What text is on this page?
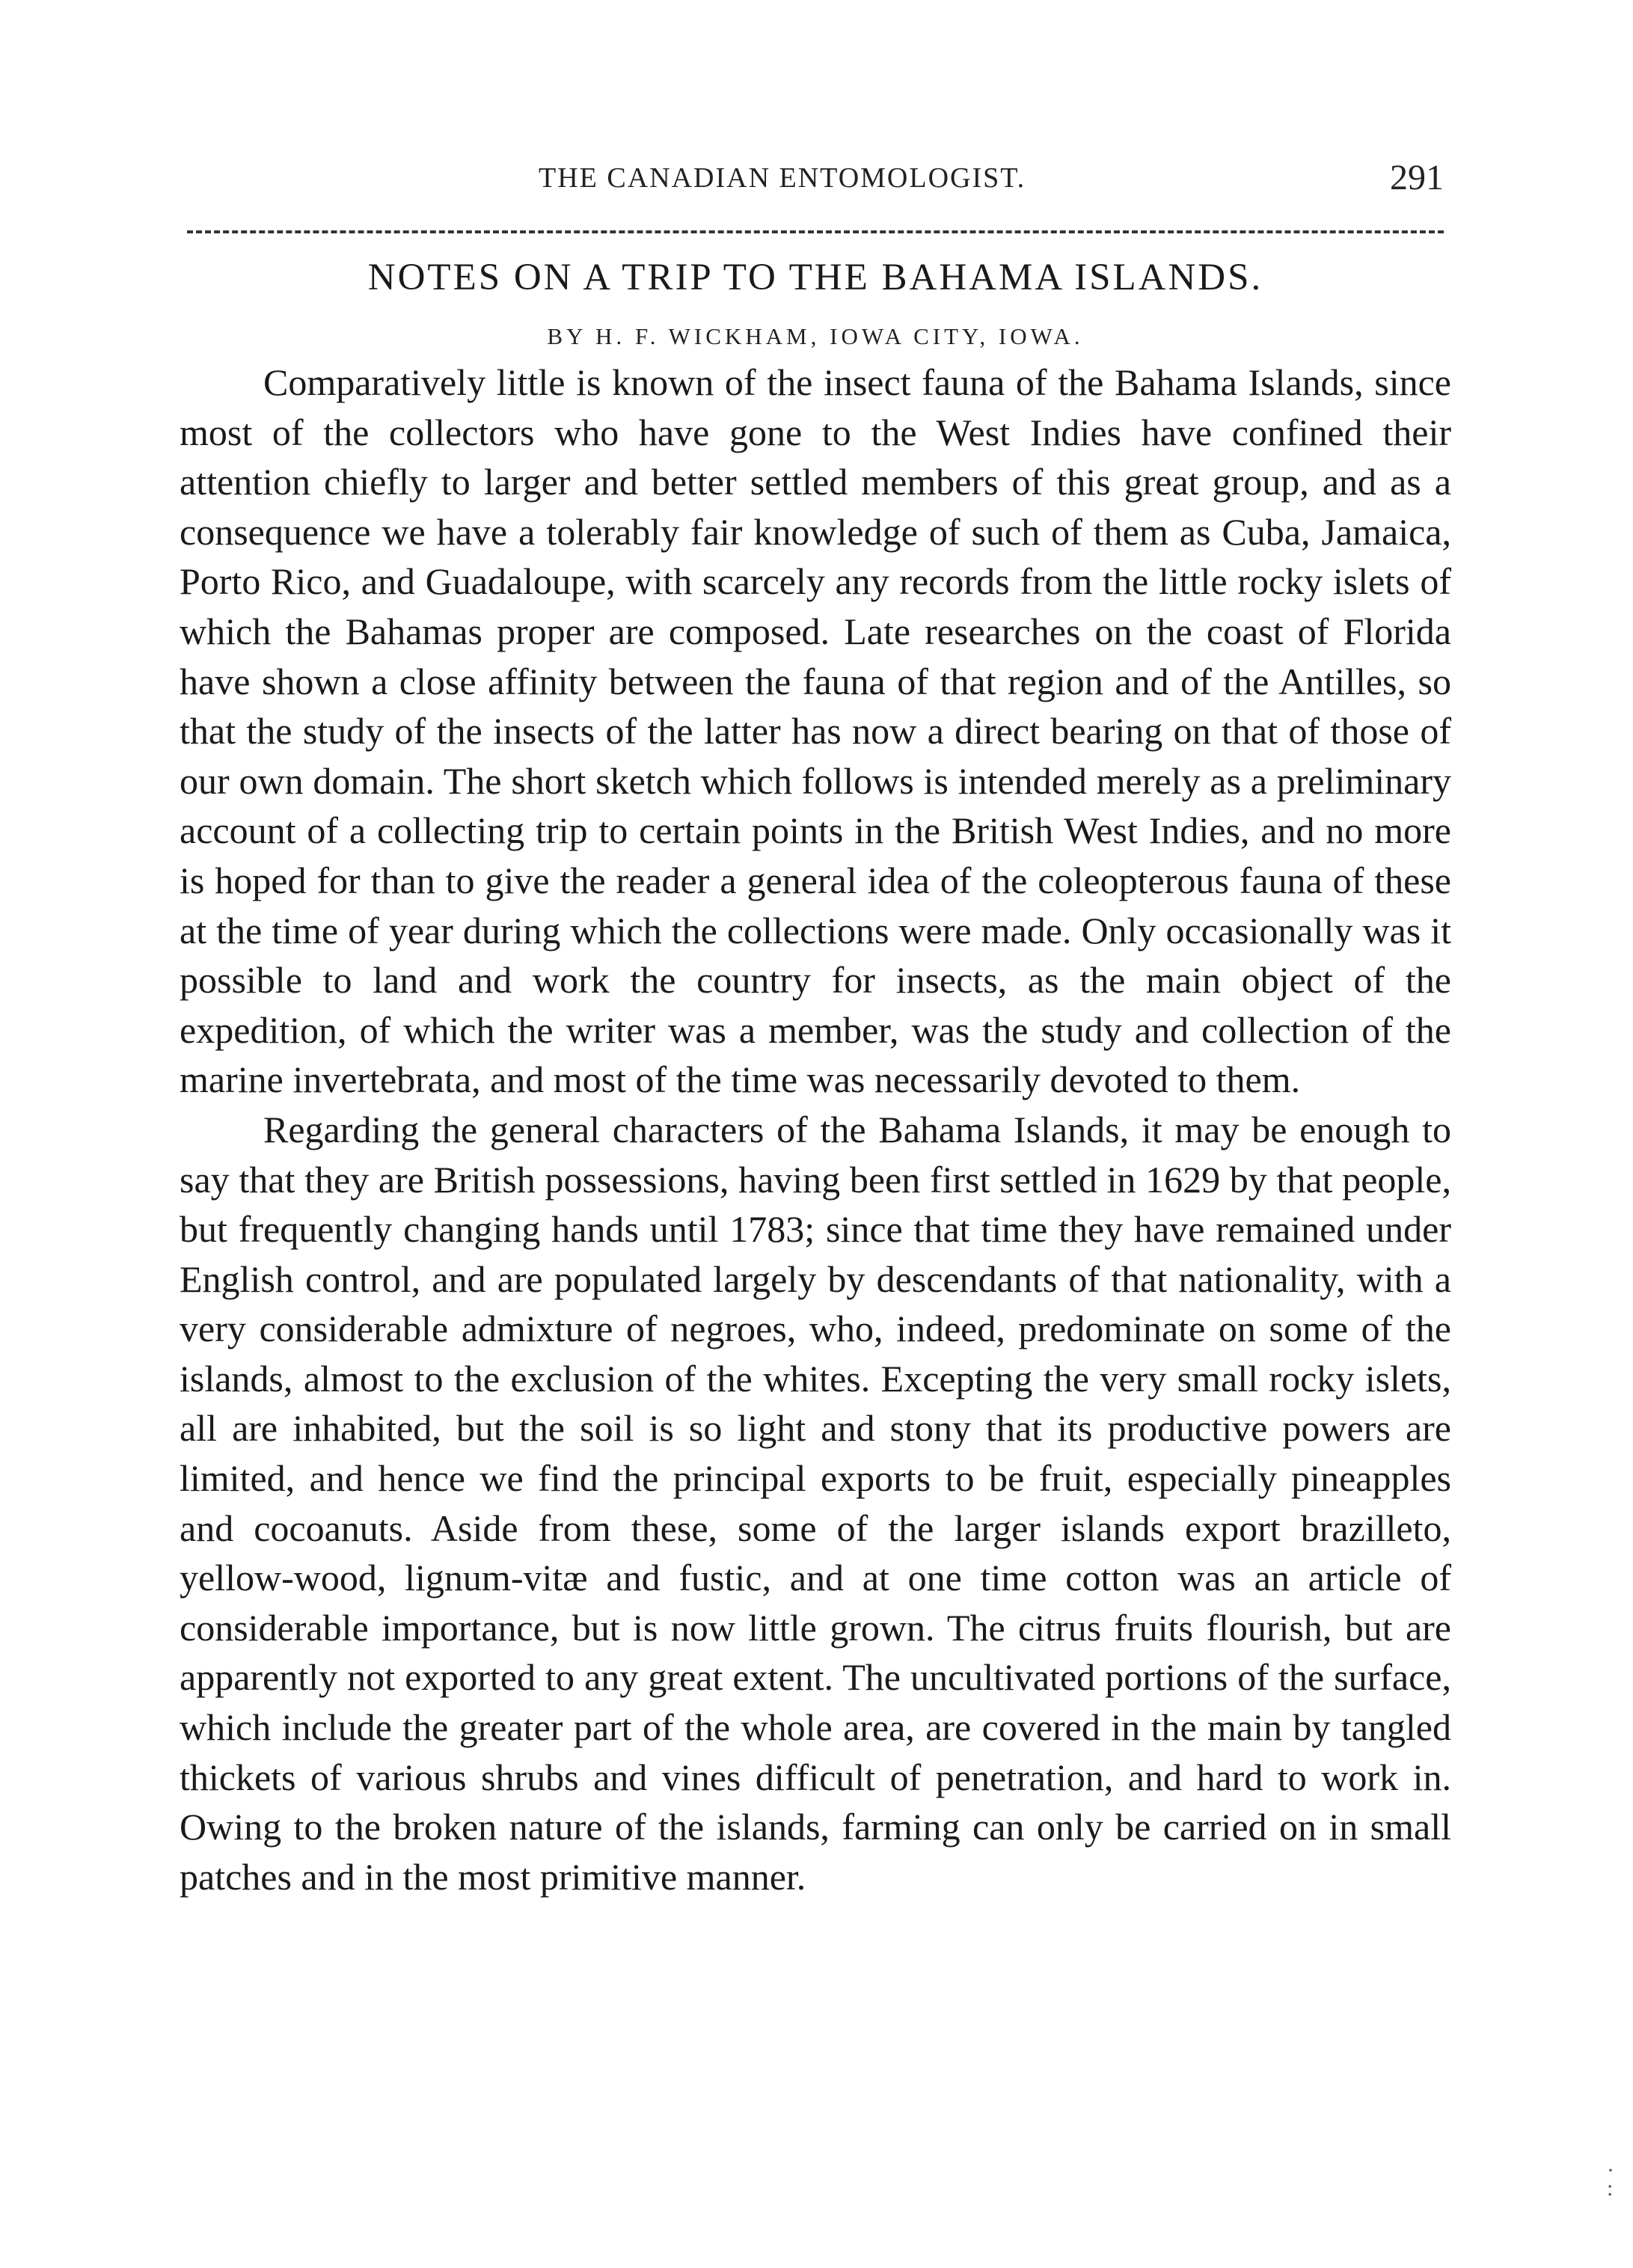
THE CANADIAN ENTOMOLOGIST.	291
NOTES ON A TRIP TO THE BAHAMA ISLANDS.
BY H. F. WICKHAM, IOWA CITY, IOWA.

Comparatively little is known of the insect fauna of the Bahama Islands, since most of the collectors who have gone to the West Indies have confined their attention chiefly to larger and better settled members of this great group, and as a consequence we have a tolerably fair knowledge of such of them as Cuba, Jamaica, Porto Rico, and Guadaloupe, with scarcely any records from the little rocky islets of which the Bahamas proper are composed. Late researches on the coast of Florida have shown a close affinity between the fauna of that region and of the Antilles, so that the study of the insects of the latter has now a direct bearing on that of those of our own domain. The short sketch which follows is intended merely as a preliminary account of a collecting trip to certain points in the British West Indies, and no more is hoped for than to give the reader a general idea of the coleopterous fauna of these at the time of year during which the collections were made. Only occasionally was it possible to land and work the country for insects, as the main object of the expedition, of which the writer was a member, was the study and collection of the marine invertebrata, and most of the time was necessarily devoted to them.

Regarding the general characters of the Bahama Islands, it may be enough to say that they are British possessions, having been first settled in 1629 by that people, but frequently changing hands until 1783; since that time they have remained under English control, and are populated largely by descendants of that nationality, with a very considerable admixture of negroes, who, indeed, predominate on some of the islands, almost to the exclusion of the whites. Excepting the very small rocky islets, all are inhabited, but the soil is so light and stony that its productive powers are limited, and hence we find the principal exports to be fruit, especially pineapples and cocoanuts. Aside from these, some of the larger islands export brazilleto, yellow-wood, lignum-vitæ and fustic, and at one time cotton was an article of considerable importance, but is now little grown. The citrus fruits flourish, but are apparently not exported to any great extent. The uncultivated portions of the surface, which include the greater part of the whole area, are covered in the main by tangled thickets of various shrubs and vines difficult of penetration, and hard to work in. Owing to the broken nature of the islands, farming can only be carried on in small patches and in the most primitive manner.

·
:
